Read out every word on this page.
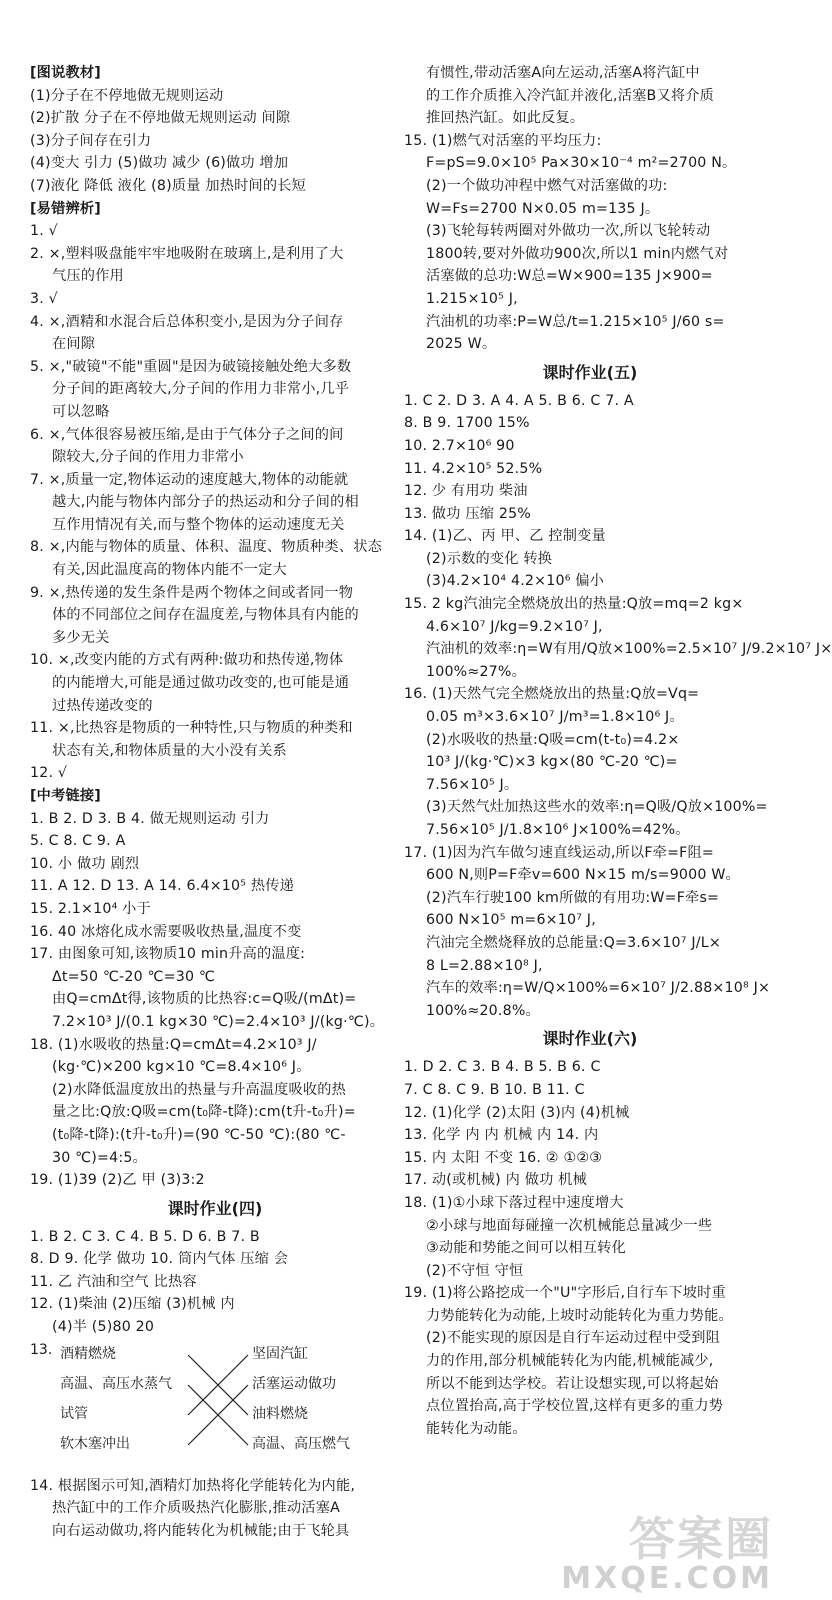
[图说教材]
(1)分子在不停地做无规则运动
(2)扩散 分子在不停地做无规则运动 间隙
(3)分子间存在引力
(4)变大 引力 (5)做功 减少 (6)做功 增加
(7)液化 降低 液化 (8)质量 加热时间的长短
[易错辨析]
1. √
2. ×,塑料吸盘能牢牢地吸附在玻璃上,是利用了大
气压的作用
3. √
4. ×,酒精和水混合后总体积变小,是因为分子间存
在间隙
5. ×,"破镜"不能"重圆"是因为破镜接触处绝大多数
分子间的距离较大,分子间的作用力非常小,几乎
可以忽略
6. ×,气体很容易被压缩,是由于气体分子之间的间
隙较大,分子间的作用力非常小
7. ×,质量一定,物体运动的速度越大,物体的动能就
越大,内能与物体内部分子的热运动和分子间的相
互作用情况有关,而与整个物体的运动速度无关
8. ×,内能与物体的质量、体积、温度、物质种类、状态
有关,因此温度高的物体内能不一定大
9. ×,热传递的发生条件是两个物体之间或者同一物
体的不同部位之间存在温度差,与物体具有内能的
多少无关
10. ×,改变内能的方式有两种:做功和热传递,物体
的内能增大,可能是通过做功改变的,也可能是通
过热传递改变的
11. ×,比热容是物质的一种特性,只与物质的种类和
状态有关,和物体质量的大小没有关系
12. √
[中考链接]
1. B 2. D 3. B 4. 做无规则运动 引力
5. C 8. C 9. A
10. 小 做功 剧烈
11. A 12. D 13. A 14. 6.4×10⁵ 热传递
15. 2.1×10⁴ 小于
16. 40 冰熔化成水需要吸收热量,温度不变
17. 由图象可知,该物质10 min升高的温度:
Δt=50 ℃-20 ℃=30 ℃
由Q=cmΔt得,该物质的比热容:c=Q吸/(mΔt)=
7.2×10³ J/(0.1 kg×30 ℃)=2.4×10³ J/(kg·℃)。
18. (1)水吸收的热量:Q=cmΔt=4.2×10³ J/
(kg·℃)×200 kg×10 ℃=8.4×10⁶ J。
(2)水降低温度放出的热量与升高温度吸收的热
量之比:Q放:Q吸=cm(t₀降-t降):cm(t升-t₀升)=
(t₀降-t降):(t升-t₀升)=(90 ℃-50 ℃):(80 ℃-
30 ℃)=4:5。
19. (1)39 (2)乙 甲 (3)3:2
课时作业(四)
1. B 2. C 3. C 4. B 5. D 6. B 7. B
8. D 9. 化学 做功 10. 筒内气体 压缩 会
11. 乙 汽油和空气 比热容
12. (1)柴油 (2)压缩 (3)机械 内
(4)半 (5)80 20
13. 酒精燃烧
高温、高压水蒸气
试管
软木塞冲出
坚固汽缸
活塞运动做功
油料燃烧
高温、高压燃气
14. 根据图示可知,酒精灯加热将化学能转化为内能,
热汽缸中的工作介质吸热汽化膨胀,推动活塞A
向右运动做功,将内能转化为机械能;由于飞轮具
有惯性,带动活塞A向左运动,活塞A将汽缸中
的工作介质推入冷汽缸并液化,活塞B又将介质
推回热汽缸。如此反复。
15. (1)燃气对活塞的平均压力:
F=pS=9.0×10⁵ Pa×30×10⁻⁴ m²=2700 N。
(2)一个做功冲程中燃气对活塞做的功:
W=Fs=2700 N×0.05 m=135 J。
(3)飞轮每转两圈对外做功一次,所以飞轮转动
1800转,要对外做功900次,所以1 min内燃气对
活塞做的总功:W总=W×900=135 J×900=
1.215×10⁵ J,
汽油机的功率:P=W总/t=1.215×10⁵ J/60 s=
2025 W。
课时作业(五)
1. C 2. D 3. A 4. A 5. B 6. C 7. A
8. B 9. 1700 15%
10. 2.7×10⁶ 90
11. 4.2×10⁵ 52.5%
12. 少 有用功 柴油
13. 做功 压缩 25%
14. (1)乙、丙 甲、乙 控制变量
(2)示数的变化 转换
(3)4.2×10⁴ 4.2×10⁶ 偏小
15. 2 kg汽油完全燃烧放出的热量:Q放=mq=2 kg×
4.6×10⁷ J/kg=9.2×10⁷ J,
汽油机的效率:η=W有用/Q放×100%=2.5×10⁷ J/9.2×10⁷ J×
100%≈27%。
16. (1)天然气完全燃烧放出的热量:Q放=Vq=
0.05 m³×3.6×10⁷ J/m³=1.8×10⁶ J。
(2)水吸收的热量:Q吸=cm(t-t₀)=4.2×
10³ J/(kg·℃)×3 kg×(80 ℃-20 ℃)=
7.56×10⁵ J。
(3)天然气灶加热这些水的效率:η=Q吸/Q放×100%=
7.56×10⁵ J/1.8×10⁶ J×100%=42%。
17. (1)因为汽车做匀速直线运动,所以F牵=F阻=
600 N,则P=F牵v=600 N×15 m/s=9000 W。
(2)汽车行驶100 km所做的有用功:W=F牵s=
600 N×10⁵ m=6×10⁷ J,
汽油完全燃烧释放的总能量:Q=3.6×10⁷ J/L×
8 L=2.88×10⁸ J,
汽车的效率:η=W/Q×100%=6×10⁷ J/2.88×10⁸ J×
100%≈20.8%。
课时作业(六)
1. D 2. C 3. B 4. B 5. B 6. C
7. C 8. C 9. B 10. B 11. C
12. (1)化学 (2)太阳 (3)内 (4)机械
13. 化学 内 内 机械 内 14. 内
15. 内 太阳 不变 16. ② ①②③
17. 动(或机械) 内 做功 机械
18. (1)①小球下落过程中速度增大
②小球与地面每碰撞一次机械能总量减少一些
③动能和势能之间可以相互转化
(2)不守恒 守恒
19. (1)将公路挖成一个"U"字形后,自行车下坡时重
力势能转化为动能,上坡时动能转化为重力势能。
(2)不能实现的原因是自行车运动过程中受到阻
力的作用,部分机械能转化为内能,机械能减少,
所以不能到达学校。若让设想实现,可以将起始
点位置抬高,高于学校位置,这样有更多的重力势
能转化为动能。
答案圈
MXQE.COM
